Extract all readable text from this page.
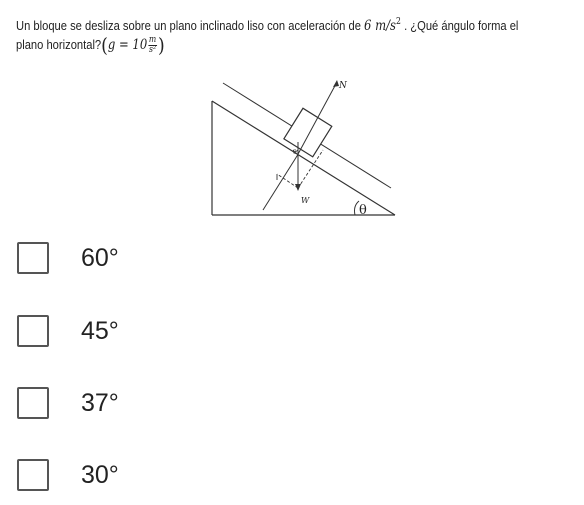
Un bloque se desliza sobre un plano inclinado liso con aceleración de 6 $m/s^2$ . ¿Qué ángulo forma el
plano horizontal?(g = $10 \frac{m}{\text{s²}}$ )
θ
N
W
θ
60°
45°
37°
30°
